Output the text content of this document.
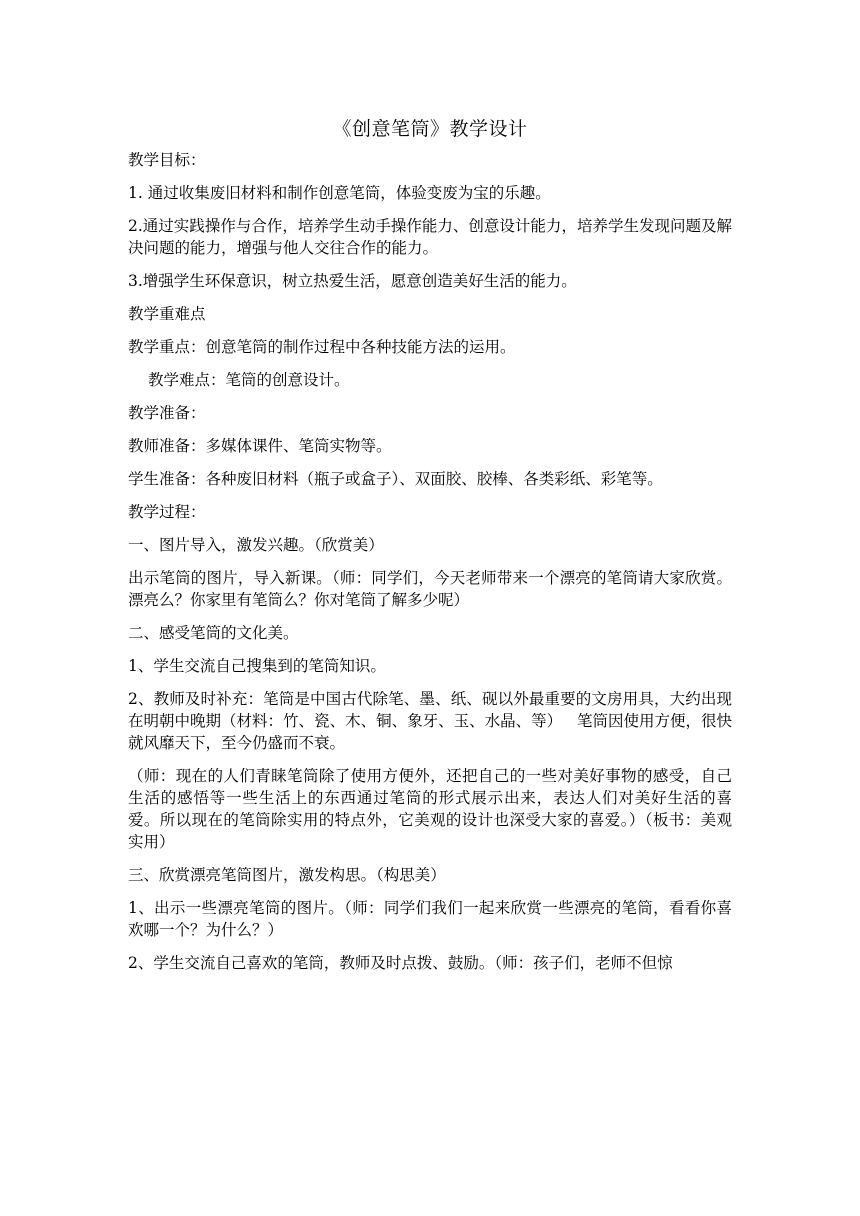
《创意笔筒》教学设计
教学目标：
1. 通过收集废旧材料和制作创意笔筒，体验变废为宝的乐趣。
2.通过实践操作与合作，培养学生动手操作能力、创意设计能力，培养学生发现问题及解决问题的能力，增强与他人交往合作的能力。
3.增强学生环保意识，树立热爱生活，愿意创造美好生活的能力。
教学重难点
教学重点：创意笔筒的制作过程中各种技能方法的运用。
教学难点：笔筒的创意设计。
教学准备：
教师准备：多媒体课件、笔筒实物等。
学生准备：各种废旧材料（瓶子或盒子）、双面胶、胶棒、各类彩纸、彩笔等。
教学过程：
一、图片导入，激发兴趣。（欣赏美）
出示笔筒的图片，导入新课。（师：同学们，今天老师带来一个漂亮的笔筒请大家欣赏。漂亮么？你家里有笔筒么？你对笔筒了解多少呢）
二、感受笔筒的文化美。
1、学生交流自己搜集到的笔筒知识。
2、教师及时补充：笔筒是中国古代除笔、墨、纸、砚以外最重要的文房用具，大约出现在明朝中晚期（材料：竹、瓷、木、铜、象牙、玉、水晶、等）   笔筒因使用方便，很快就风靡天下，至今仍盛而不衰。
（师：现在的人们青睐笔筒除了使用方便外，还把自己的一些对美好事物的感受，自己生活的感悟等一些生活上的东西通过笔筒的形式展示出来，表达人们对美好生活的喜爱。所以现在的笔筒除实用的特点外，它美观的设计也深受大家的喜爱。）（板书：美观   实用）
三、欣赏漂亮笔筒图片，激发构思。（构思美）
1、出示一些漂亮笔筒的图片。（师：同学们我们一起来欣赏一些漂亮的笔筒，看看你喜欢哪一个？为什么？）
2、学生交流自己喜欢的笔筒，教师及时点拨、鼓励。（师：孩子们，老师不但惊
